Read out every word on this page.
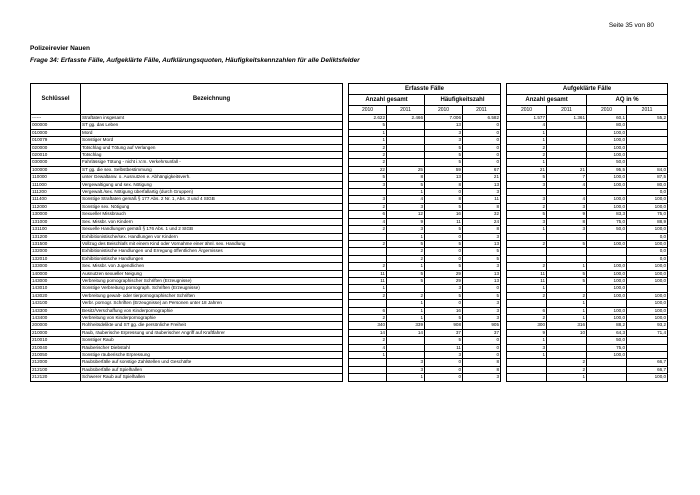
Seite 35 von 80
Polizeirevier Nauen
Frage 34: Erfasste Fälle, Aufgeklärte Fälle, Aufklärungsquoten, Häufigkeitskennzahlen für alle Deliktsfelder
Schlüssel	Bezeichnung		Erfasste Fälle					Aufgeklärte Fälle			
			Anzahl gesamt		Häufigkeitszahl			Anzahl gesamt		AQ in %	
			2010	2011	2010	2011		2010	2011	2010	2011
------	Straftaten insgesamt		2.622	2.466	7.006	6.582		1.577	1.361	60,1	55,2
000000	ST gg. das Leben		5		13	0		4		80,0	
010000	Mord		1		3	0		1		100,0	
010079	Sonstiger Mord		1		3	0		1		100,0	
020000	Totschlag und Tötung auf Verlangen		2		5	0		2		100,0	
020010	Totschlag		2		5	0		2		100,0	
030000	Fahrlässige Tötung - nicht i.V.m. Verkehrsunfall -		2		5	0		1		50,0	
100000	ST gg. die sex. Selbstbestimmung		22	25	59	67		21	21	95,5	84,0
110000	unter Gewaltanw. o. Ausnutzen e. Abhängigkeitsverh.		5	8	13	21		5	7	100,0	87,5
111000	Vergewaltigung und sex. Nötigung		3	5	8	13		3	4	100,0	80,0
111200	Vergewalt./sex. Nötigung überfallartig (durch Gruppen)			1	0	3					0,0
111400	Sonstige Straftaten gemäß § 177 Abs. 2 Nr. 1, Abs. 3 und 4 StGB		3	4	8	11		3	4	100,0	100,0
112000	Sonstige sex. Nötigung		2	3	5	8		2	3	100,0	100,0
130000	Sexueller Missbrauch		6	12	16	32		5	9	83,3	75,0
131000	Sex. Missbr. von Kindern		4	9	11	24		3	8	75,0	88,9
131100	Sexuelle Handlungen gemäß § 176 Abs. 1 und 2 StGB		2	3	5	8		1	3	50,0	100,0
131200	Exhibitionistische/sex. Handlungen vor Kindern			1	0	3					0,0
131500	Vollzug des Beischlafs mit einem Kind oder Vornahme einer ähnl. sex. Handlung		2	5	5	13		2	5	100,0	100,0
132000	Exhibitionistische Handlungen und Erregung öffentlichen Ärgernisses			2	0	5					0,0
132010	Exhibitionistische Handlungen			2	0	5					0,0
133000	Sex. Missbr. von Jugendlichen		2	1	5	3		2	1	100,0	100,0
140000	Ausnutzen sexueller Neigung		11	5	29	13		11	5	100,0	100,0
143000	Verbreitung pornographischer Schriften (Erzeugnisse)		11	5	29	13		11	5	100,0	100,0
143010	Sonstige Verbreitung pornograph. Schriften (Erzeugnisse)		1		3	0		1		100,0	
143020	Verbreitung gewalt- oder tierpornographischer Schriften		2	2	5	5		2	2	100,0	100,0
143100	Verbr. pornogr. Schriften (Erzeugnisse) an Personen unter 18 Jahren			1	0	3			1		100,0
143300	Besitz/Verschaffung von Kinderpornographie		6	1	16	3		6	1	100,0	100,0
143400	Verbreitung von Kinderpornographie		2	1	5	3		2	1	100,0	100,0
200000	Rohheitsdelikte und ST gg. die persönliche Freiheit		340	339	908	905		300	316	88,2	93,2
210000	Raub, räuberische Erpressung und räuberischer Angriff auf Kraftfahrer		14	14	37	37		9	10	64,3	71,4
210010	Sonstiger Raub		2		5	0		1		50,0	
210040	Räuberischer Diebstahl		4		11	0		3		75,0	
210050	Sonstige räuberische Erpressung		1		3	0		1		100,0	
212000	Raubüberfälle auf sonstige Zahlstellen und Geschäfte			3	0	8			2		66,7
212100	Raubüberfälle auf Spielhallen			3	0	8			2		66,7
212120	Schwerer Raub auf Spielhallen			1	0	3			1		100,0
